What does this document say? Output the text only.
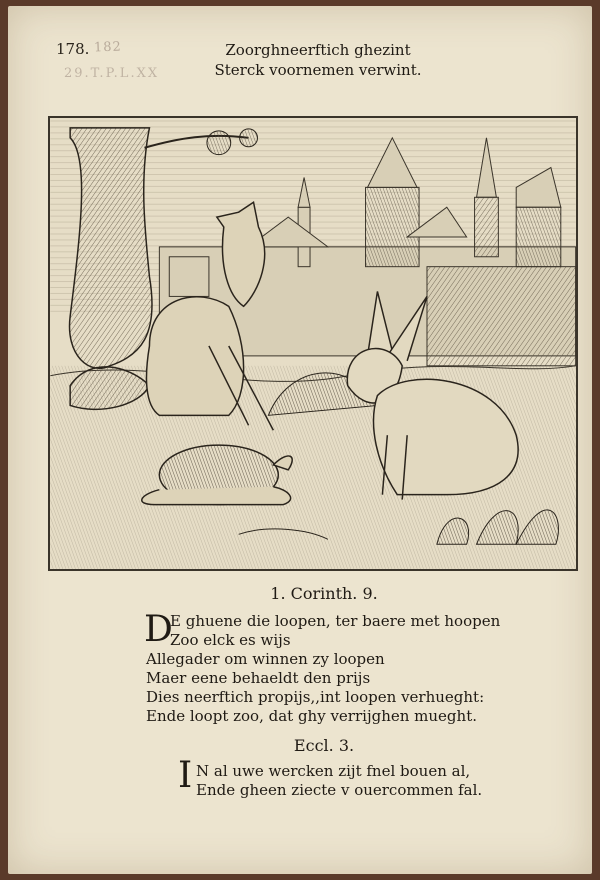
178. 182
29.T.P.L.XX
Zoorghneerftich ghezint
Sterck voornemen verwint.
1. Corinth. 9.
D
E ghuene die loopen, ter baere met hoopen
Zoo elck es wijs
Allegader om winnen zy loopen
Maer eene behaeldt den prijs
Dies neerftich propijs,,int loopen verhueght:
Ende loopt zoo, dat ghy verrijghen mueght.
Eccl. 3.
I N al uwe wercken zijt fnel bouen al,
Ende gheen ziecte v ouercommen fal.
